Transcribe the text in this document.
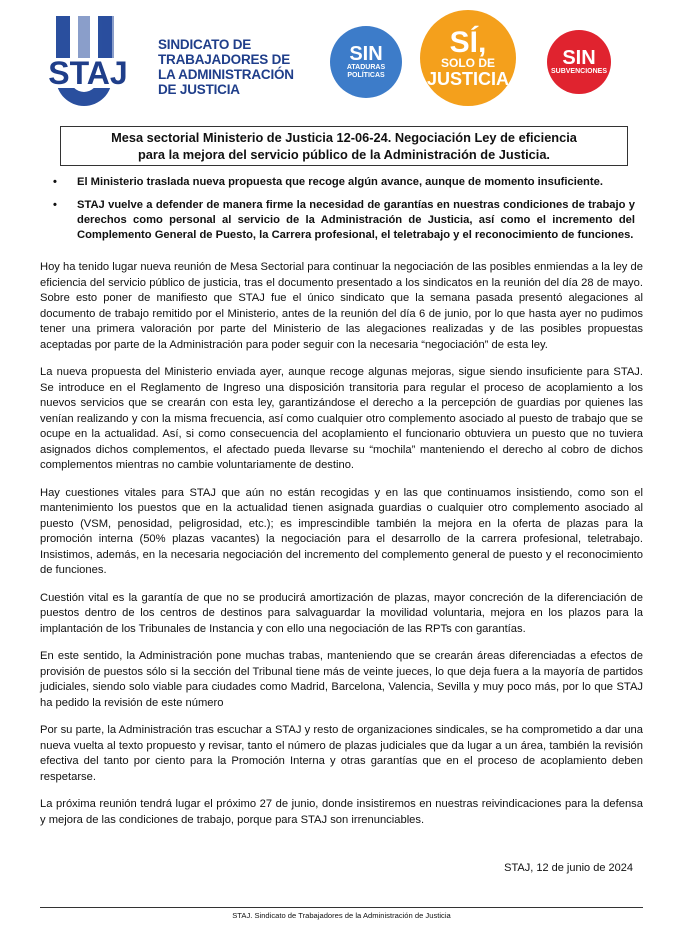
STAJ
SINDICATO DE
TRABAJADORES DE
LA ADMINISTRACIÓN
DE JUSTICIA
SIN
ATADURAS POLÍTICAS
SÍ,
SOLO DE
JUSTICIA
SIN
SUBVENCIONES
Mesa sectorial Ministerio de Justicia 12-06-24. Negociación Ley de eficiencia
para la mejora del servicio público de la Administración de Justicia.
• El Ministerio traslada nueva propuesta que recoge algún avance, aunque de momento insuficiente.
• STAJ vuelve a defender de manera firme la necesidad de garantías en nuestras condiciones de trabajo y derechos como personal al servicio de la Administración de Justicia, así como el incremento del Complemento General de Puesto, la Carrera profesional, el teletrabajo y el reconocimiento de funciones.

Hoy ha tenido lugar nueva reunión de Mesa Sectorial para continuar la negociación de las posibles enmiendas a la ley de eficiencia del servicio público de justicia, tras el documento presentado a los sindicatos en la reunión del día 28 de mayo. Sobre esto poner de manifiesto que STAJ fue el único sindicato que la semana pasada presentó alegaciones al documento de trabajo remitido por el Ministerio, antes de la reunión del día 6 de junio, por lo que hasta ayer no pudimos tener una primera valoración por parte del Ministerio de las alegaciones realizadas y de las posibles propuestas aceptadas por parte de la Administración para poder seguir con la necesaria “negociación” de esta ley.

La nueva propuesta del Ministerio enviada ayer, aunque recoge algunas mejoras, sigue siendo insuficiente para STAJ. Se introduce en el Reglamento de Ingreso una disposición transitoria para regular el proceso de acoplamiento a los nuevos servicios que se crearán con esta ley, garantizándose el derecho a la percepción de guardias por quienes las venían realizando y con la misma frecuencia, así como cualquier otro complemento asociado al puesto de trabajo que se ocupe en la actualidad. Así, si como consecuencia del acoplamiento el funcionario obtuviera un puesto que no tuviera asignados dichos complementos, el afectado pueda llevarse su “mochila” manteniendo el derecho al cobro de dichos complementos mientras no cambie voluntariamente de destino.

Hay cuestiones vitales para STAJ que aún no están recogidas y en las que continuamos insistiendo, como son el mantenimiento los puestos que en la actualidad tienen asignada guardias o cualquier otro complemento asociado al puesto (VSM, penosidad, peligrosidad, etc.); es imprescindible también la mejora en la oferta de plazas para la promoción interna (50% plazas vacantes) la negociación para el desarrollo de la carrera profesional, teletrabajo. Insistimos, además, en la necesaria negociación del incremento del complemento general de puesto y el reconocimiento de funciones.

Cuestión vital es la garantía de que no se producirá amortización de plazas, mayor concreción de la diferenciación de puestos dentro de los centros de destinos para salvaguardar la movilidad voluntaria, mejora en los plazos para la implantación de los Tribunales de Instancia y con ello una negociación de las RPTs con garantías.

En este sentido, la Administración pone muchas trabas, manteniendo que se crearán áreas diferenciadas a efectos de provisión de puestos sólo si la sección del Tribunal tiene más de veinte jueces, lo que deja fuera a la mayoría de partidos judiciales, siendo solo viable para ciudades como Madrid, Barcelona, Valencia, Sevilla y muy poco más, por lo que STAJ ha pedido la revisión de este número

Por su parte, la Administración tras escuchar a STAJ y resto de organizaciones sindicales, se ha comprometido a dar una nueva vuelta al texto propuesto y revisar, tanto el número de plazas judiciales que da lugar a un área, también la revisión efectiva del tanto por ciento para la Promoción Interna y otras garantías que en el proceso de acoplamiento deben respetarse.

La próxima reunión tendrá lugar el próximo 27 de junio, donde insistiremos en nuestras reivindicaciones para la defensa y mejora de las condiciones de trabajo, porque para STAJ son irrenunciables.

STAJ, 12 de junio de 2024
STAJ. Sindicato de Trabajadores de la Administración de Justicia
